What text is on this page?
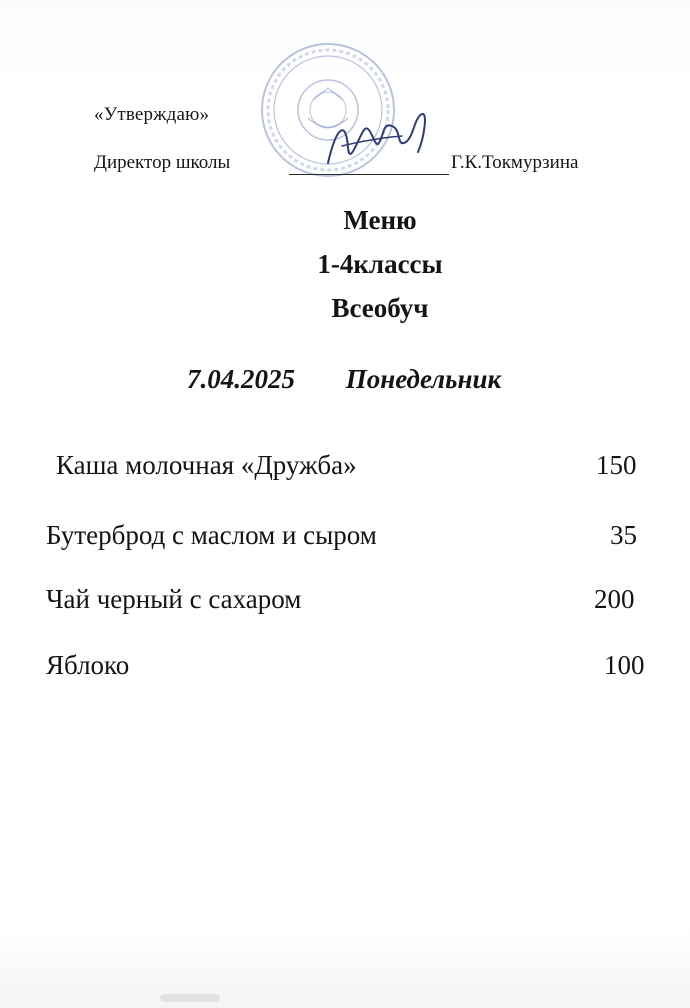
«Утверждаю»
Директор школы	Г.К.Токмурзина
Меню
1-4классы
Всеобуч
7.04.2025 Понедельник
Каша молочная «Дружба»	150
Бутерброд с маслом и сыром	35
Чай черный с сахаром	200
Яблоко	100
